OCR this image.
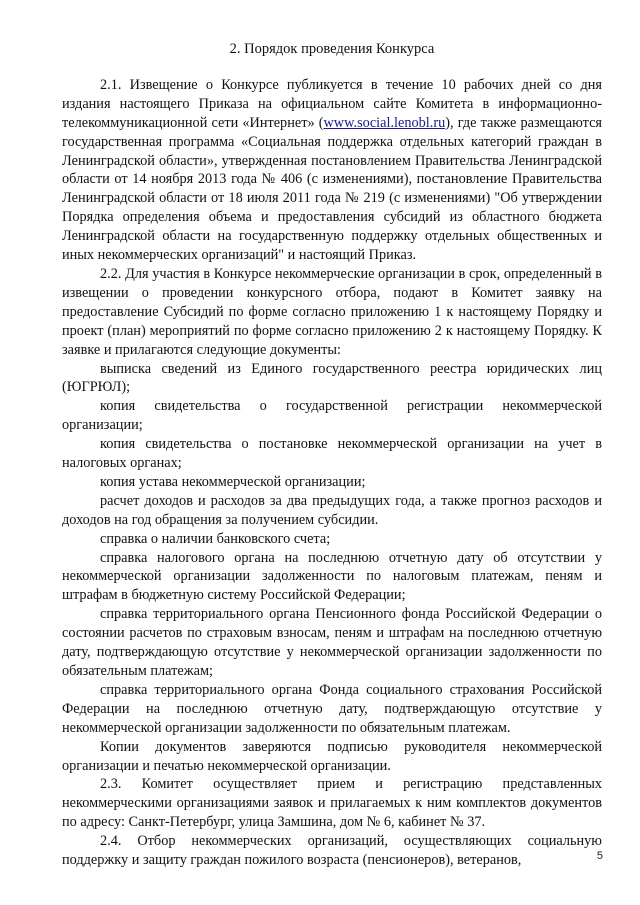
2. Порядок проведения Конкурса

2.1. Извещение о Конкурсе публикуется в течение 10 рабочих дней со дня издания настоящего Приказа на официальном сайте Комитета в информационно-телекоммуникационной сети «Интернет» (www.social.lenobl.ru), где также размещаются государственная программа «Социальная поддержка отдельных категорий граждан в Ленинградской области», утвержденная постановлением Правительства Ленинградской области от 14 ноября 2013 года № 406 (с изменениями), постановление Правительства Ленинградской области от 18 июля 2011 года № 219 (с изменениями) "Об утверждении Порядка определения объема и предоставления субсидий из областного бюджета Ленинградской области на государственную поддержку отдельных общественных и иных некоммерческих организаций" и настоящий Приказ.

2.2. Для участия в Конкурсе некоммерческие организации в срок, определенный в извещении о проведении конкурсного отбора, подают в Комитет заявку на предоставление Субсидий по форме согласно приложению 1 к настоящему Порядку и проект (план) мероприятий по форме согласно приложению 2 к настоящему Порядку. К заявке и прилагаются следующие документы:

выписка сведений из Единого государственного реестра юридических лиц (ЮГРЮЛ);

копия свидетельства о государственной регистрации некоммерческой организации;

копия свидетельства о постановке некоммерческой организации на учет в налоговых органах;

копия устава некоммерческой организации;

расчет доходов и расходов за два предыдущих года, а также прогноз расходов и доходов на год обращения за получением субсидии.

справка о наличии банковского счета;

справка налогового органа на последнюю отчетную дату об отсутствии у некоммерческой организации задолженности по налоговым платежам, пеням и штрафам в бюджетную систему Российской Федерации;

справка территориального органа Пенсионного фонда Российской Федерации о состоянии расчетов по страховым взносам, пеням и штрафам на последнюю отчетную дату, подтверждающую отсутствие у некоммерческой организации задолженности по обязательным платежам;

справка территориального органа Фонда социального страхования Российской Федерации на последнюю отчетную дату, подтверждающую отсутствие у некоммерческой организации задолженности по обязательным платежам.

Копии документов заверяются подписью руководителя некоммерческой организации и печатью некоммерческой организации.

2.3. Комитет осуществляет прием и регистрацию представленных некоммерческими организациями заявок и прилагаемых к ним комплектов документов по адресу: Санкт-Петербург, улица Замшина, дом № 6, кабинет № 37.

2.4. Отбор некоммерческих организаций, осуществляющих социальную поддержку и защиту граждан пожилого возраста (пенсионеров), ветеранов,	5
